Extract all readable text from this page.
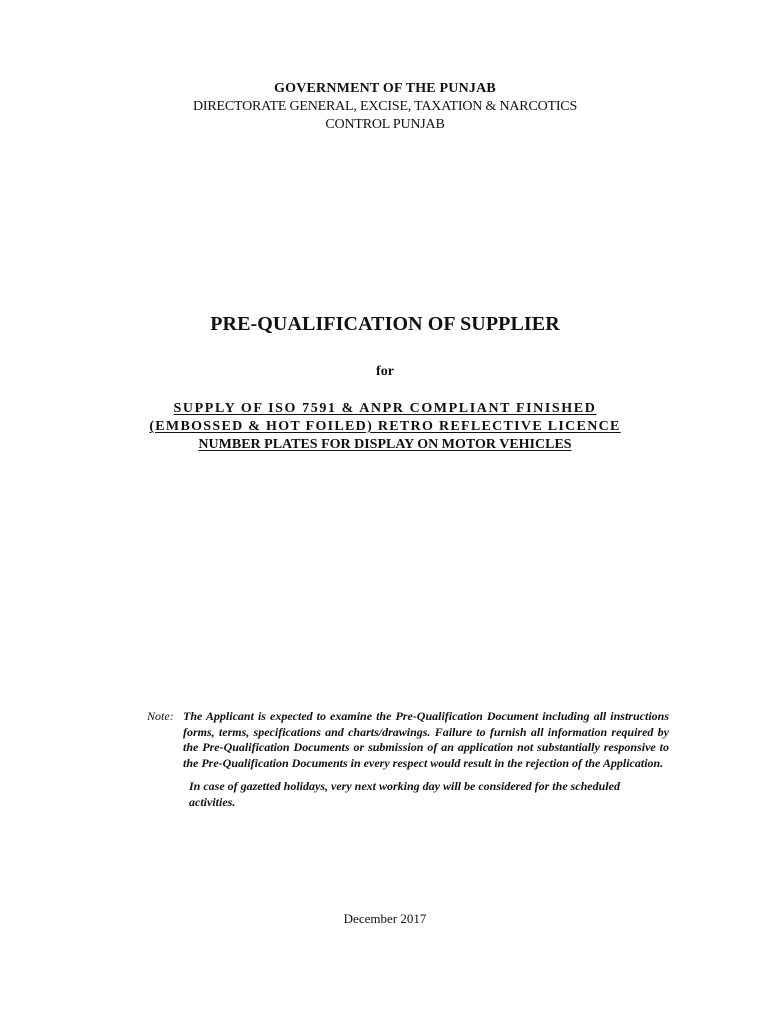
GOVERNMENT OF THE PUNJAB
DIRECTORATE GENERAL, EXCISE, TAXATION & NARCOTICS
CONTROL PUNJAB
PRE-QUALIFICATION OF SUPPLIER
for
SUPPLY OF ISO 7591 & ANPR COMPLIANT FINISHED
(EMBOSSED & HOT FOILED) RETRO REFLECTIVE LICENCE
NUMBER PLATES FOR DISPLAY ON MOTOR VEHICLES
Note: The Applicant is expected to examine the Pre-Qualification Document including all instructions forms, terms, specifications and charts/drawings. Failure to furnish all information required by the Pre-Qualification Documents or submission of an application not substantially responsive to the Pre-Qualification Documents in every respect would result in the rejection of the Application.
In case of gazetted holidays, very next working day will be considered for the scheduled activities.
December 2017
